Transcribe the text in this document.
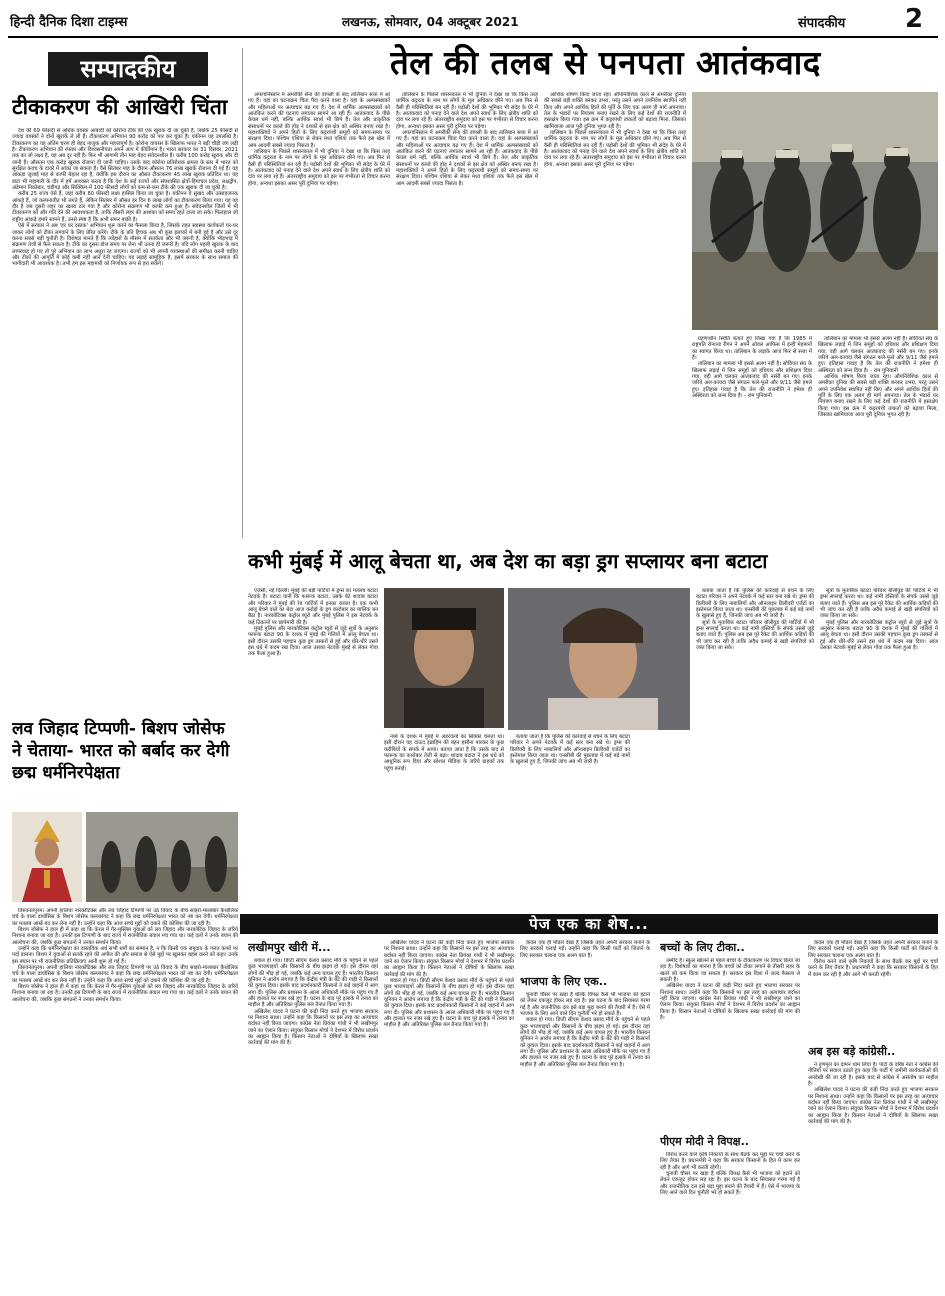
हिन्दी दैनिक दिशा टाइम्स	लखनऊ, सोमवार, 04 अक्टूबर 2021	संपादकीय 2
सम्पादकीय
टीकाकरण की आखिरी चिंता

देश की 69 फीसदी से अधिक वयस्क आबादी को कोरोना टीके की एक खुराक दी जा चुकी है, जबकि 25 फीसदी से ज्यादा वयस्कों ने दोनों खुराकें ले ली हैं। टीकाकरण अभियान 90 करोड़ को पार कर चुका है। यकीनन यह उपलब्धि है। टीकाकरण का यह अंतिम चरण ही बेहद नाजुक और महत्त्वपूर्ण है। कोरोना वायरस के खिलाफ भारत ने बड़ी चौड़ी जंग लड़ी है। टीकाकरण अभियान की रफ्तार और विश्वसनीयता अपने आप में कीर्तिमान है। भारत सरकार का 31 दिसंबर, 2021 तक का जो लक्ष्य है, वह अब दूर नहीं है। फिर भी आगामी तीन माह बेहद संवेदनशील हैं। करीब 100 करोड़ खुराक और दी जानी हैं। औसतन एक करोड़ खुराक रोजाना दी जानी चाहिए। उसके बाद कोरोना प्रतिरोधक क्षमता के स्तर में भारत को सुरक्षित कवच के दायरे में आंका जा सकता है। वैसे सितंबर माह के दौरान औसतन 76 लाख खुराकें रोजाना दी गई हैं। यह आंकड़ा जुलाई माह से काफी बेहतर रहा है, क्योंकि इस दौरान का औसत टीकाकरण 45 लाख खुराक प्रतिदिन था। यह डाटा भी महामारी के दौर में हमें आश्वस्त करता है कि देश के कई राज्यों और संघशासित क्षेत्रों-हिमाचल प्रदेश, लक्षद्वीप, अंडेमान निकोबार, चंडीगढ़ और सिक्किम-में 100 फीसदी लोगों को कम-से-कम टीके की एक खुराक दी जा चुकी है।

करीब 25 राज्य ऐसे हैं, जहां करीब 80 फीसदी लक्ष्य हासिल किया जा चुका है। यकीनन ये सुखद और उत्साहजनक आंकड़े हैं, जो कल्पनातीत भी लगते हैं, लेकिन सितंबर में औसत हर दिन 6 लाख लोगों का टीकाकरण किया गया। यह वह दौर है जब दूसरी लहर का खतरा टल गया है और कोरोना संक्रमण भी काफी कम हुआ है। संवेदनशील जिलों में भी टीकाकरण को और गति देने की आवश्यकता है, ताकि तीसरी लहर की आशंका को समय रहते टाला जा सके। फिलहाल जो राष्ट्रीय आंकड़े हमारे सामने हैं, उनसे स्पष्ट है कि अभी सफर बाकी है।

ऐसे में सरकार ने अब 'हर घर दस्तक' अभियान शुरू करने का फैसला किया है, जिसके तहत स्वास्थ्य कार्यकर्ता घर-घर जाकर लोगों को टीका लगवाने के लिए प्रेरित करेंगे। टीके के प्रति हिचक अब भी कुछ इलाकों में बनी हुई है और उसे दूर करना सबसे बड़ी चुनौती है। विशेषज्ञ मानते हैं कि त्योहारों के मौसम में सतर्कता और भी जरूरी है, क्योंकि भीड़भाड़ में संक्रमण तेजी से फैल सकता है। टीके का दूसरा डोज समय पर लेना भी उतना ही जरूरी है। यदि लोग पहली खुराक के बाद लापरवाह हो गए तो पूरे अभियान का लाभ अधूरा रह जाएगा। राज्यों को भी अपनी व्यवस्थाओं की समीक्षा करनी चाहिए और टीकों की आपूर्ति में कोई कमी नहीं आने देनी चाहिए। यह लड़ाई सामूहिक है, इसमें सरकार के साथ समाज की भागीदारी भी आवश्यक है। तभी हम इस महामारी को निर्णायक रूप से हरा सकेंगे।

तेल की तलब से पनपता आतंकवाद

अफगानिस्तान में अमरीकी सेना की वापसी के बाद तालिबान सत्ता में आ गए हैं। यहां का घटनाक्रम चिंता पैदा करने वाला है। यहां के अल्पसंख्यकों और महिलाओं पर अत्याचार बढ़ गए हैं। देश में धार्मिक अल्पसंख्यकों को आतंकित करने की घटनाएं लगातार सामने आ रही हैं। आतंकवाद के पीछे केवल धर्म नहीं, बल्कि आर्थिक स्वार्थ भी छिपे हैं। तेल और प्राकृतिक संसाधनों पर कब्जे की होड़ ने दशकों से इस क्षेत्र को अस्थिर बनाए रखा है। महाशक्तियों ने अपने हितों के लिए कट्टरपंथी समूहों को समय-समय पर संरक्षण दिया। पश्चिम एशिया से लेकर मध्य एशिया तक फैले इस खेल में आम आदमी सबसे ज्यादा पिसता है।

तालिबान के पिछले शासनकाल में भी दुनिया ने देखा था कि किस तरह धार्मिक कट्टरता के नाम पर लोगों के मूल अधिकार छीने गए। अब फिर से वैसी ही परिस्थितियां बन रही हैं। पड़ोसी देशों की भूमिका भी संदेह के घेरे में है। आतंकवाद को पनाह देने वाले देश अपने स्वार्थ के लिए क्षेत्रीय शांति को दांव पर लगा रहे हैं। अंतरराष्ट्रीय समुदाय को इस पर गंभीरता से विचार करना होगा, अन्यथा इसका असर पूरी दुनिया पर पड़ेगा।

तालिबान के पिछले शासनकाल में भी दुनिया ने देखा था कि किस तरह धार्मिक कट्टरता के नाम पर लोगों के मूल अधिकार छीने गए। अब फिर से वैसी ही परिस्थितियां बन रही हैं। पड़ोसी देशों की भूमिका भी संदेह के घेरे में है। आतंकवाद को पनाह देने वाले देश अपने स्वार्थ के लिए क्षेत्रीय शांति को दांव पर लगा रहे हैं। अंतरराष्ट्रीय समुदाय को इस पर गंभीरता से विचार करना होगा, अन्यथा इसका असर पूरी दुनिया पर पड़ेगा।

अफगानिस्तान में अमरीकी सेना की वापसी के बाद तालिबान सत्ता में आ गए हैं। यहां का घटनाक्रम चिंता पैदा करने वाला है। यहां के अल्पसंख्यकों और महिलाओं पर अत्याचार बढ़ गए हैं। देश में धार्मिक अल्पसंख्यकों को आतंकित करने की घटनाएं लगातार सामने आ रही हैं। आतंकवाद के पीछे केवल धर्म नहीं, बल्कि आर्थिक स्वार्थ भी छिपे हैं। तेल और प्राकृतिक संसाधनों पर कब्जे की होड़ ने दशकों से इस क्षेत्र को अस्थिर बनाए रखा है। महाशक्तियों ने अपने हितों के लिए कट्टरपंथी समूहों को समय-समय पर संरक्षण दिया। पश्चिम एशिया से लेकर मध्य एशिया तक फैले इस खेल में आम आदमी सबसे ज्यादा पिसता है।

आर्थिक शोषण किया जाता रहा। औपनिवेशिक काल से अमरीका दुनिया की सबसे बड़ी शक्ति बनकर उभरा, परंतु उसने अपने उपनिवेश स्थापित नहीं किए और अपने आर्थिक हितों की पूर्ति के लिए एक अलग ही मार्ग अपनाया। तेल के भंडारों पर नियंत्रण बनाए रखने के लिए कई देशों की राजनीति में हस्तक्षेप किया गया। इस क्रम में कट्टरपंथी ताकतों को बढ़ावा मिला, जिसका खामियाजा आज पूरी दुनिया भुगत रही है।

तालिबान के पिछले शासनकाल में भी दुनिया ने देखा था कि किस तरह धार्मिक कट्टरता के नाम पर लोगों के मूल अधिकार छीने गए। अब फिर से वैसी ही परिस्थितियां बन रही हैं। पड़ोसी देशों की भूमिका भी संदेह के घेरे में है। आतंकवाद को पनाह देने वाले देश अपने स्वार्थ के लिए क्षेत्रीय शांति को दांव पर लगा रहे हैं। अंतरराष्ट्रीय समुदाय को इस पर गंभीरता से विचार करना होगा, अन्यथा इसका असर पूरी दुनिया पर पड़ेगा।

ग्रहणाधीन स्थिति बताते हुए लिखा गया है कि 1985 में राष्ट्रपति रोनाल्ड रीगन ने अपने ओवल आफिस में इन्हीं मेहमानों का स्वागत किया था। तालिबान के लड़ाके आज फिर से सत्ता में हैं।

तालिबान का मामला भी इससे अलग नहीं है। सोवियत संघ के खिलाफ लड़ाई में जिन समूहों को हथियार और प्रशिक्षण दिया गया, वही आगे चलकर आतंकवाद की नर्सरी बन गए। इनके जरिये अल-कायदा जैसे संगठन फले-फूले और 9/11 जैसे हमले हुए। इतिहास गवाह है कि तेल की राजनीति ने हमेशा ही अस्थिरता को जन्म दिया है। - राम पुनियानी

तालिबान का मामला भी इससे अलग नहीं है। सोवियत संघ के खिलाफ लड़ाई में जिन समूहों को हथियार और प्रशिक्षण दिया गया, वही आगे चलकर आतंकवाद की नर्सरी बन गए। इनके जरिये अल-कायदा जैसे संगठन फले-फूले और 9/11 जैसे हमले हुए। इतिहास गवाह है कि तेल की राजनीति ने हमेशा ही अस्थिरता को जन्म दिया है। - राम पुनियानी

आर्थिक शोषण किया जाता रहा। औपनिवेशिक काल से अमरीका दुनिया की सबसे बड़ी शक्ति बनकर उभरा, परंतु उसने अपने उपनिवेश स्थापित नहीं किए और अपने आर्थिक हितों की पूर्ति के लिए एक अलग ही मार्ग अपनाया। तेल के भंडारों पर नियंत्रण बनाए रखने के लिए कई देशों की राजनीति में हस्तक्षेप किया गया। इस क्रम में कट्टरपंथी ताकतों को बढ़ावा मिला, जिसका खामियाजा आज पूरी दुनिया भुगत रही है।

कभी मुंबई में आलू बेचता था, अब देश का बड़ा ड्रग सप्लायर बना बटाटा

एजेंसी, नई दिल्ली। मुंबई की बड़ी पार्टियों में ड्रग्स का मतलब बटाटा नेटवर्क है। बटाटा यानी कि फारूक बटाटा, उसके बेटे शादाब बटाटा और परिवार ने मुंबई की रेव पार्टियों में इनका कब्जा है। एक कभी आलू बेचने वाले का बेटा आज करोड़ों के ड्रग कारोबार का मालिक बन बैठा है। नारकोटिक्स कंट्रोल ब्यूरो और मुंबई पुलिस ने इस नेटवर्क के कई ठिकानों पर छापेमारी की है।

मुंबई पुलिस और नारकोटिक्स कंट्रोल ब्यूरो से जुड़े सूत्रों के अनुसार फारूक बटाटा 90 के दशक में मुंबई की गलियों में आलू बेचता था। इसी दौरान उसकी पहचान कुछ ड्रग तस्करों से हुई और धीरे-धीरे उसने इस धंधे में कदम रख दिया। आज उसका नेटवर्क मुंबई से लेकर गोवा तक फैला हुआ है।

नब्बे के दशक में मुंबई में अंडरवर्ल्ड का सिक्का चलता था। इसी दौरान यह दाऊद इब्राहिम की बहन हसीना पारकर के कुछ करीबियों के संपर्क में आया। बताया जाता है कि उसके बाद से फारूक का कारोबार तेजी से बढ़ा। शादाब बटाटा ने इस धंधे को आधुनिक रूप दिया और सोशल मीडिया के जरिये ग्राहकों तक पहुंच बनाई।

बताया जाता है कि पुलिस की कार्रवाई से बचने के लिए बटाटा परिवार ने अपने नेटवर्क में कई स्तर बना रखे थे। ड्रग्स की डिलीवरी के लिए नाबालिगों और ऑनलाइन डिलीवरी एजेंटों का इस्तेमाल किया जाता था। एनसीबी की पूछताछ में कई बड़े नामों के खुलासे हुए हैं, जिनकी जांच अब भी जारी है।

बताया जाता है कि पुलिस की कार्रवाई से बचने के लिए बटाटा परिवार ने अपने नेटवर्क में कई स्तर बना रखे थे। ड्रग्स की डिलीवरी के लिए नाबालिगों और ऑनलाइन डिलीवरी एजेंटों का इस्तेमाल किया जाता था। एनसीबी की पूछताछ में कई बड़े नामों के खुलासे हुए हैं, जिनकी जांच अब भी जारी है।

सूत्रों के मुताबिक बटाटा परिवार बॉलीवुड की पार्टियों में भी ड्रग्स सप्लाई करता था। कई नामी हस्तियों के संपर्क उससे जुड़े बताए जाते हैं। पुलिस अब इस पूरे रैकेट की आर्थिक कड़ियों की भी जांच कर रही है ताकि अवैध कमाई से खड़ी संपत्तियों को जब्त किया जा सके।

सूत्रों के मुताबिक बटाटा परिवार बॉलीवुड की पार्टियों में भी ड्रग्स सप्लाई करता था। कई नामी हस्तियों के संपर्क उससे जुड़े बताए जाते हैं। पुलिस अब इस पूरे रैकेट की आर्थिक कड़ियों की भी जांच कर रही है ताकि अवैध कमाई से खड़ी संपत्तियों को जब्त किया जा सके।

मुंबई पुलिस और नारकोटिक्स कंट्रोल ब्यूरो से जुड़े सूत्रों के अनुसार फारूक बटाटा 90 के दशक में मुंबई की गलियों में आलू बेचता था। इसी दौरान उसकी पहचान कुछ ड्रग तस्करों से हुई और धीरे-धीरे उसने इस धंधे में कदम रख दिया। आज उसका नेटवर्क मुंबई से लेकर गोवा तक फैला हुआ है।

लव जिहाद टिप्पणी- बिशप जोसेफ ने चेताया- भारत को बर्बाद कर देगी छद्म धर्मनिरपेक्षता

तिरुवनंतपुरम। अपनी हालिया नारकोटिक्स और लव जिहाद टिप्पणी पर उठे विवाद के बीच साइरो-मालाबार कैथोलिक चर्च के पाला डायोसिस के बिशप जोसेफ कल्लारंगट ने कहा कि छद्म धर्मनिरपेक्षता भारत को नष्ट कर देगी। धर्मनिरपेक्षता का मतलब आंखें बंद कर लेना नहीं है। उन्होंने कहा कि आज सच्चे मुद्दों को दबाने की कोशिश की जा रही है।

बिशप जोसेफ ने हाल ही में कहा था कि केरल में गैर-मुस्लिम युवाओं को लव जिहाद और नारकोटिक जिहाद के जरिये निशाना बनाया जा रहा है। उनकी इस टिप्पणी के बाद राज्य में राजनीतिक बवाल मच गया था। कई दलों ने उनके बयान की आलोचना की, जबकि कुछ संगठनों ने उनका समर्थन किया।

उन्होंने कहा कि धर्मनिरपेक्षता का वास्तविक अर्थ सभी धर्मों का सम्मान है, न कि किसी एक समुदाय के गलत कामों पर पर्दा डालना। बिशप ने युवाओं से सतर्क रहने की अपील की और समाज से ऐसे मुद्दों पर खुलकर बहस करने को कहा। उनके इस बयान पर भी राजनीतिक प्रतिक्रियाएं आनी शुरू हो गई हैं।

तिरुवनंतपुरम। अपनी हालिया नारकोटिक्स और लव जिहाद टिप्पणी पर उठे विवाद के बीच साइरो-मालाबार कैथोलिक चर्च के पाला डायोसिस के बिशप जोसेफ कल्लारंगट ने कहा कि छद्म धर्मनिरपेक्षता भारत को नष्ट कर देगी। धर्मनिरपेक्षता का मतलब आंखें बंद कर लेना नहीं है। उन्होंने कहा कि आज सच्चे मुद्दों को दबाने की कोशिश की जा रही है।

बिशप जोसेफ ने हाल ही में कहा था कि केरल में गैर-मुस्लिम युवाओं को लव जिहाद और नारकोटिक जिहाद के जरिये निशाना बनाया जा रहा है। उनकी इस टिप्पणी के बाद राज्य में राजनीतिक बवाल मच गया था। कई दलों ने उनके बयान की आलोचना की, जबकि कुछ संगठनों ने उनका समर्थन किया।

पेज एक का शेष...
लखीमपुर खीरी में...

बवाल हो गया। डिप्टी सीएम केशव प्रसाद मौर्य के पहुंचने से पहले कुछ भाजपाइयों और किसानों के बीच झड़प हो गई। इस दौरान वहां लोगों की भीड़ हो गई, जबकि कई अन्य घायल हुए हैं। भारतीय किसान यूनियन ने आरोप लगाया है कि केंद्रीय मंत्री के बेटे की गाड़ी ने किसानों को कुचल दिया। इसके बाद प्रदर्शनकारी किसानों ने कई वाहनों में आग लगा दी। पुलिस और प्रशासन के आला अधिकारी मौके पर पहुंच गए हैं और हालात पर नजर रखे हुए हैं। घटना के बाद पूरे इलाके में तनाव का माहौल है और अतिरिक्त पुलिस बल तैनात किया गया है।

अखिलेश यादव ने घटना की कड़ी निंदा करते हुए भाजपा सरकार पर निशाना साधा। उन्होंने कहा कि किसानों पर इस तरह का अत्याचार बर्दाश्त नहीं किया जाएगा। कांग्रेस नेता प्रियंका गांधी ने भी लखीमपुर जाने का ऐलान किया। संयुक्त किसान मोर्चा ने देशभर में विरोध प्रदर्शन का आह्वान किया है। किसान नेताओं ने दोषियों के खिलाफ सख्त कार्रवाई की मांग की है।

अखिलेश यादव ने घटना की कड़ी निंदा करते हुए भाजपा सरकार पर निशाना साधा। उन्होंने कहा कि किसानों पर इस तरह का अत्याचार बर्दाश्त नहीं किया जाएगा। कांग्रेस नेता प्रियंका गांधी ने भी लखीमपुर जाने का ऐलान किया। संयुक्त किसान मोर्चा ने देशभर में विरोध प्रदर्शन का आह्वान किया है। किसान नेताओं ने दोषियों के खिलाफ सख्त कार्रवाई की मांग की है।

बवाल हो गया। डिप्टी सीएम केशव प्रसाद मौर्य के पहुंचने से पहले कुछ भाजपाइयों और किसानों के बीच झड़प हो गई। इस दौरान वहां लोगों की भीड़ हो गई, जबकि कई अन्य घायल हुए हैं। भारतीय किसान यूनियन ने आरोप लगाया है कि केंद्रीय मंत्री के बेटे की गाड़ी ने किसानों को कुचल दिया। इसके बाद प्रदर्शनकारी किसानों ने कई वाहनों में आग लगा दी। पुलिस और प्रशासन के आला अधिकारी मौके पर पहुंच गए हैं और हालात पर नजर रखे हुए हैं। घटना के बाद पूरे इलाके में तनाव का माहौल है और अतिरिक्त पुलिस बल तैनात किया गया है।

केवल एक ही मॉडल देखा है जिसके तहत अपनी सरकार बनाने के लिए सरकारें चलाई गईं। उन्होंने कहा कि किसी पार्टी को जिताने के लिए सरकार चलाना एक अलग बात है।

भाजपा के लिए एक..

चुनावी चौसर पर खड़ा है बल्कि विपक्ष कैसे भी भाजपा को हटाने को लेकर एकजुट होकर लड़ रहा है। इस घटना के बाद सियासत गरमा गई है और राजनीतिक दल इसे बड़ा मुद्दा बनाने की तैयारी में हैं। ऐसे में भाजपा के लिए आने वाले दिन चुनौती भरे हो सकते हैं।

बवाल हो गया। डिप्टी सीएम केशव प्रसाद मौर्य के पहुंचने से पहले कुछ भाजपाइयों और किसानों के बीच झड़प हो गई। इस दौरान वहां लोगों की भीड़ हो गई, जबकि कई अन्य घायल हुए हैं। भारतीय किसान यूनियन ने आरोप लगाया है कि केंद्रीय मंत्री के बेटे की गाड़ी ने किसानों को कुचल दिया। इसके बाद प्रदर्शनकारी किसानों ने कई वाहनों में आग लगा दी। पुलिस और प्रशासन के आला अधिकारी मौके पर पहुंच गए हैं और हालात पर नजर रखे हुए हैं। घटना के बाद पूरे इलाके में तनाव का माहौल है और अतिरिक्त पुलिस बल तैनात किया गया है।

बच्चों के लिए टीका..

उम्मीद है। स्कूल खोलने से पहले बच्चों के टीकाकरण पर विचार किया जा रहा है। विशेषज्ञों का मानना है कि बच्चों को टीका लगाने से तीसरी लहर के खतरे को कम किया जा सकता है। सरकार इस दिशा में जल्द फैसला ले सकती है।

अखिलेश यादव ने घटना की कड़ी निंदा करते हुए भाजपा सरकार पर निशाना साधा। उन्होंने कहा कि किसानों पर इस तरह का अत्याचार बर्दाश्त नहीं किया जाएगा। कांग्रेस नेता प्रियंका गांधी ने भी लखीमपुर जाने का ऐलान किया। संयुक्त किसान मोर्चा ने देशभर में विरोध प्रदर्शन का आह्वान किया है। किसान नेताओं ने दोषियों के खिलाफ सख्त कार्रवाई की मांग की है।

पीएम मोदी ने विपक्ष..

विरोध करने वाले कृषि निकायों के साथ बैठकें कर मुद्दों पर चर्चा करने के लिए तैयार है। प्रधानमंत्री ने कहा कि सरकार किसानों के हित में काम कर रही है और आगे भी करती रहेगी।

चुनावी चौसर पर खड़ा है बल्कि विपक्ष कैसे भी भाजपा को हटाने को लेकर एकजुट होकर लड़ रहा है। इस घटना के बाद सियासत गरमा गई है और राजनीतिक दल इसे बड़ा मुद्दा बनाने की तैयारी में हैं। ऐसे में भाजपा के लिए आने वाले दिन चुनौती भरे हो सकते हैं।

केवल एक ही मॉडल देखा है जिसके तहत अपनी सरकार बनाने के लिए सरकारें चलाई गईं। उन्होंने कहा कि किसी पार्टी को जिताने के लिए सरकार चलाना एक अलग बात है।

विरोध करने वाले कृषि निकायों के साथ बैठकें कर मुद्दों पर चर्चा करने के लिए तैयार है। प्रधानमंत्री ने कहा कि सरकार किसानों के हित में काम कर रही है और आगे भी करती रहेगी।

अब इस बड़े कांग्रेसी..

ने तृणमूल का दामन थाम लिया है। पार्टी के वरिष्ठ नेता ने कांग्रेस की नीतियों पर सवाल उठाते हुए कहा कि पार्टी में जमीनी कार्यकर्ताओं की अनदेखी की जा रही है। इसके बाद से कांग्रेस में असंतोष का माहौल है।

अखिलेश यादव ने घटना की कड़ी निंदा करते हुए भाजपा सरकार पर निशाना साधा। उन्होंने कहा कि किसानों पर इस तरह का अत्याचार बर्दाश्त नहीं किया जाएगा। कांग्रेस नेता प्रियंका गांधी ने भी लखीमपुर जाने का ऐलान किया। संयुक्त किसान मोर्चा ने देशभर में विरोध प्रदर्शन का आह्वान किया है। किसान नेताओं ने दोषियों के खिलाफ सख्त कार्रवाई की मांग की है।
